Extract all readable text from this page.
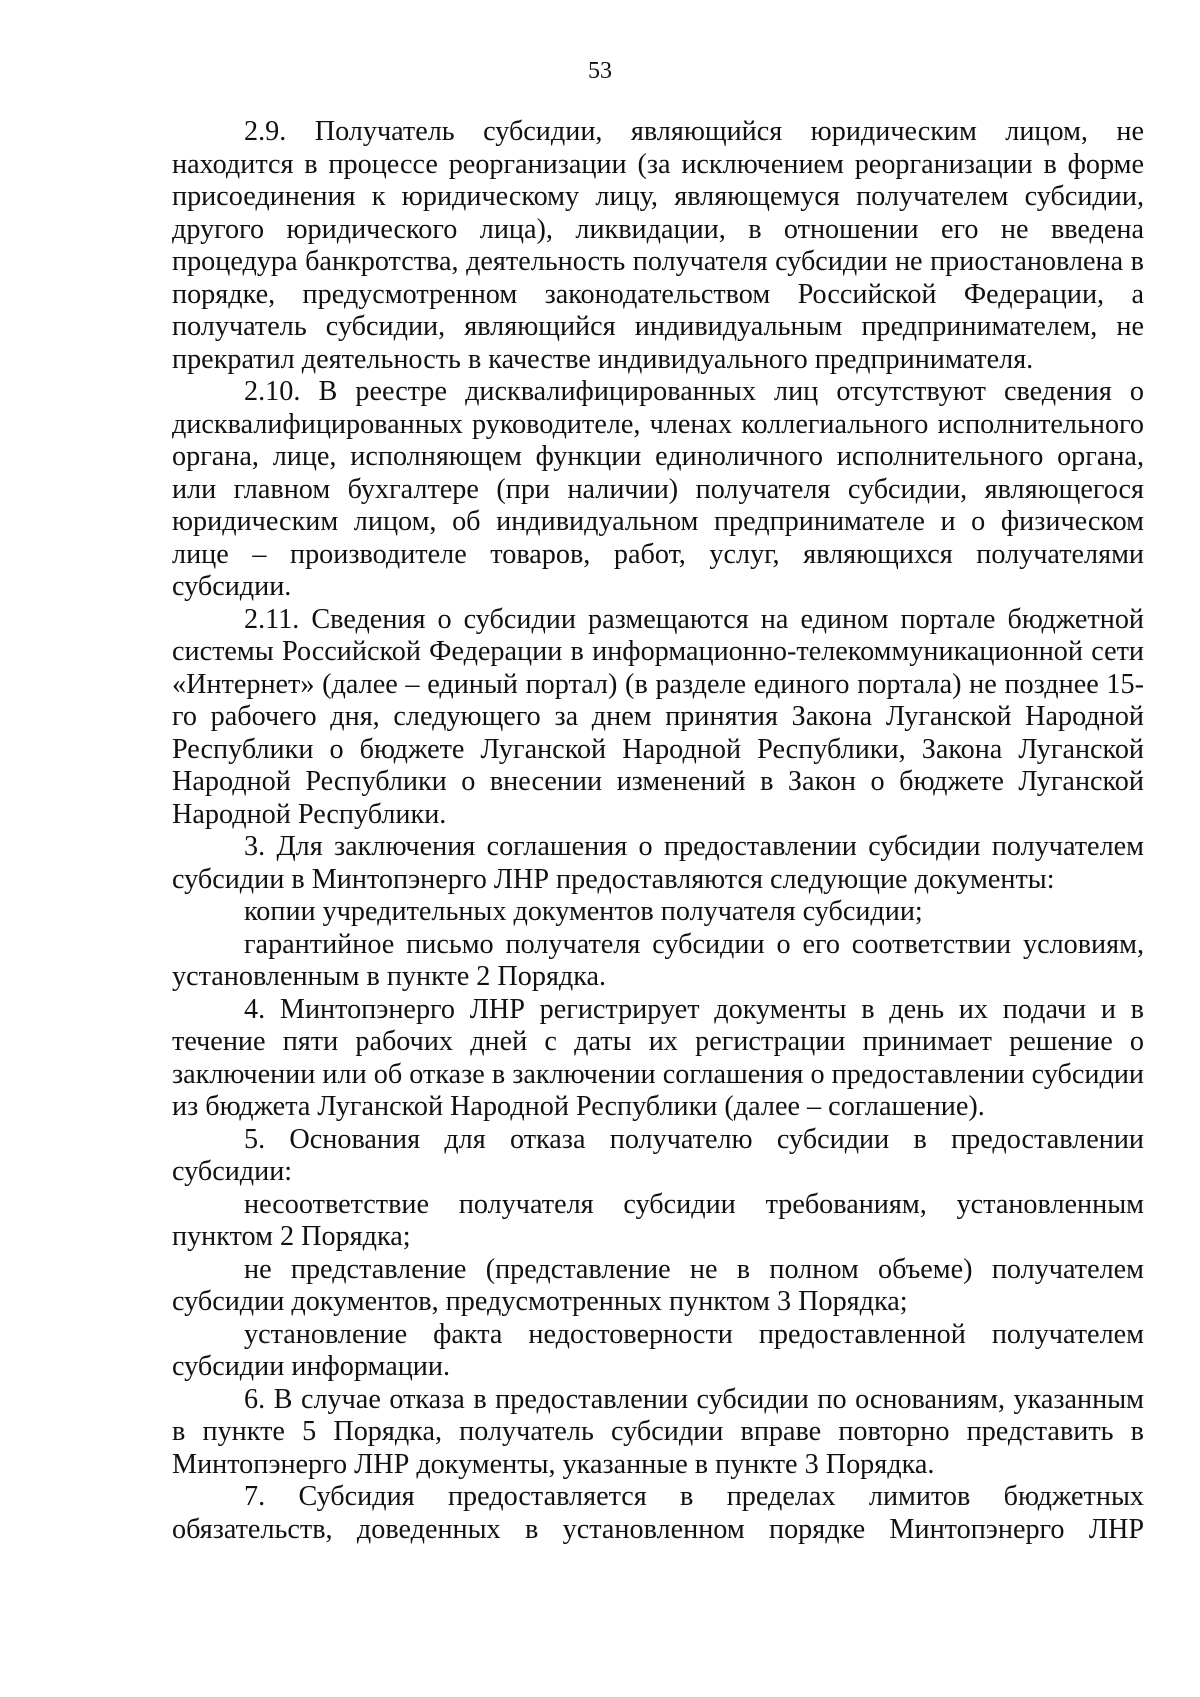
53

2.9. Получатель субсидии, являющийся юридическим лицом, не находится в процессе реорганизации (за исключением реорганизации в форме присоединения к юридическому лицу, являющемуся получателем субсидии, другого юридического лица), ликвидации, в отношении его не введена процедура банкротства, деятельность получателя субсидии не приостановлена в порядке, предусмотренном законодательством Российской Федерации, а получатель субсидии, являющийся индивидуальным предпринимателем, не прекратил деятельность в качестве индивидуального предпринимателя.

2.10. В реестре дисквалифицированных лиц отсутствуют сведения о дисквалифицированных руководителе, членах коллегиального исполнительного органа, лице, исполняющем функции единоличного исполнительного органа, или главном бухгалтере (при наличии) получателя субсидии, являющегося юридическим лицом, об индивидуальном предпринимателе и о физическом лице – производителе товаров, работ, услуг, являющихся получателями субсидии.

2.11. Сведения о субсидии размещаются на едином портале бюджетной системы Российской Федерации в информационно-телекоммуникационной сети «Интернет» (далее – единый портал) (в разделе единого портала) не позднее 15-го рабочего дня, следующего за днем принятия Закона Луганской Народной Республики о бюджете Луганской Народной Республики, Закона Луганской Народной Республики о внесении изменений в Закон о бюджете Луганской Народной Республики.

3. Для заключения соглашения о предоставлении субсидии получателем субсидии в Минтопэнерго ЛНР предоставляются следующие документы:

копии учредительных документов получателя субсидии;

гарантийное письмо получателя субсидии о его соответствии условиям, установленным в пункте 2 Порядка.

4. Минтопэнерго ЛНР регистрирует документы в день их подачи и в течение пяти рабочих дней с даты их регистрации принимает решение о заключении или об отказе в заключении соглашения о предоставлении субсидии из бюджета Луганской Народной Республики (далее – соглашение).

5. Основания для отказа получателю субсидии в предоставлении субсидии:

несоответствие получателя субсидии требованиям, установленным пунктом 2 Порядка;

не представление (представление не в полном объеме) получателем субсидии документов, предусмотренных пунктом 3 Порядка;

установление факта недостоверности предоставленной получателем субсидии информации.

6. В случае отказа в предоставлении субсидии по основаниям, указанным в пункте 5 Порядка, получатель субсидии вправе повторно представить в Минтопэнерго ЛНР документы, указанные в пункте 3 Порядка.

7. Субсидия предоставляется в пределах лимитов бюджетных обязательств, доведенных в установленном порядке Минтопэнерго ЛНР
